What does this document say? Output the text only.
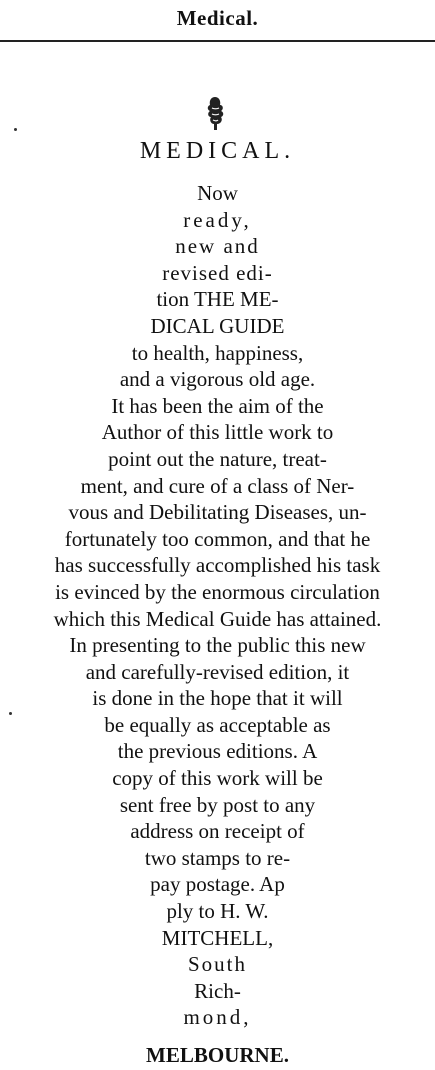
Medical.
MEDICAL.
Now
ready,
new and
revised edi-
tion THE ME-
DICAL GUIDE
to health, happiness,
and a vigorous old age.
It has been the aim of the
Author of this little work to
point out the nature, treat-
ment, and cure of a class of Ner-
vous and Debilitating Diseases, un-
fortunately too common, and that he
has successfully accomplished his task
is evinced by the enormous circulation
which this Medical Guide has attained.
In presenting to the public this new
and carefully-revised edition, it
is done in the hope that it will
be equally as acceptable as
the previous editions. A
copy of this work will be
sent free by post to any
address on receipt of
two stamps to re-
pay postage. Ap
ply to H. W.
MITCHELL,
South
Rich-
mond,
MELBOURNE.
